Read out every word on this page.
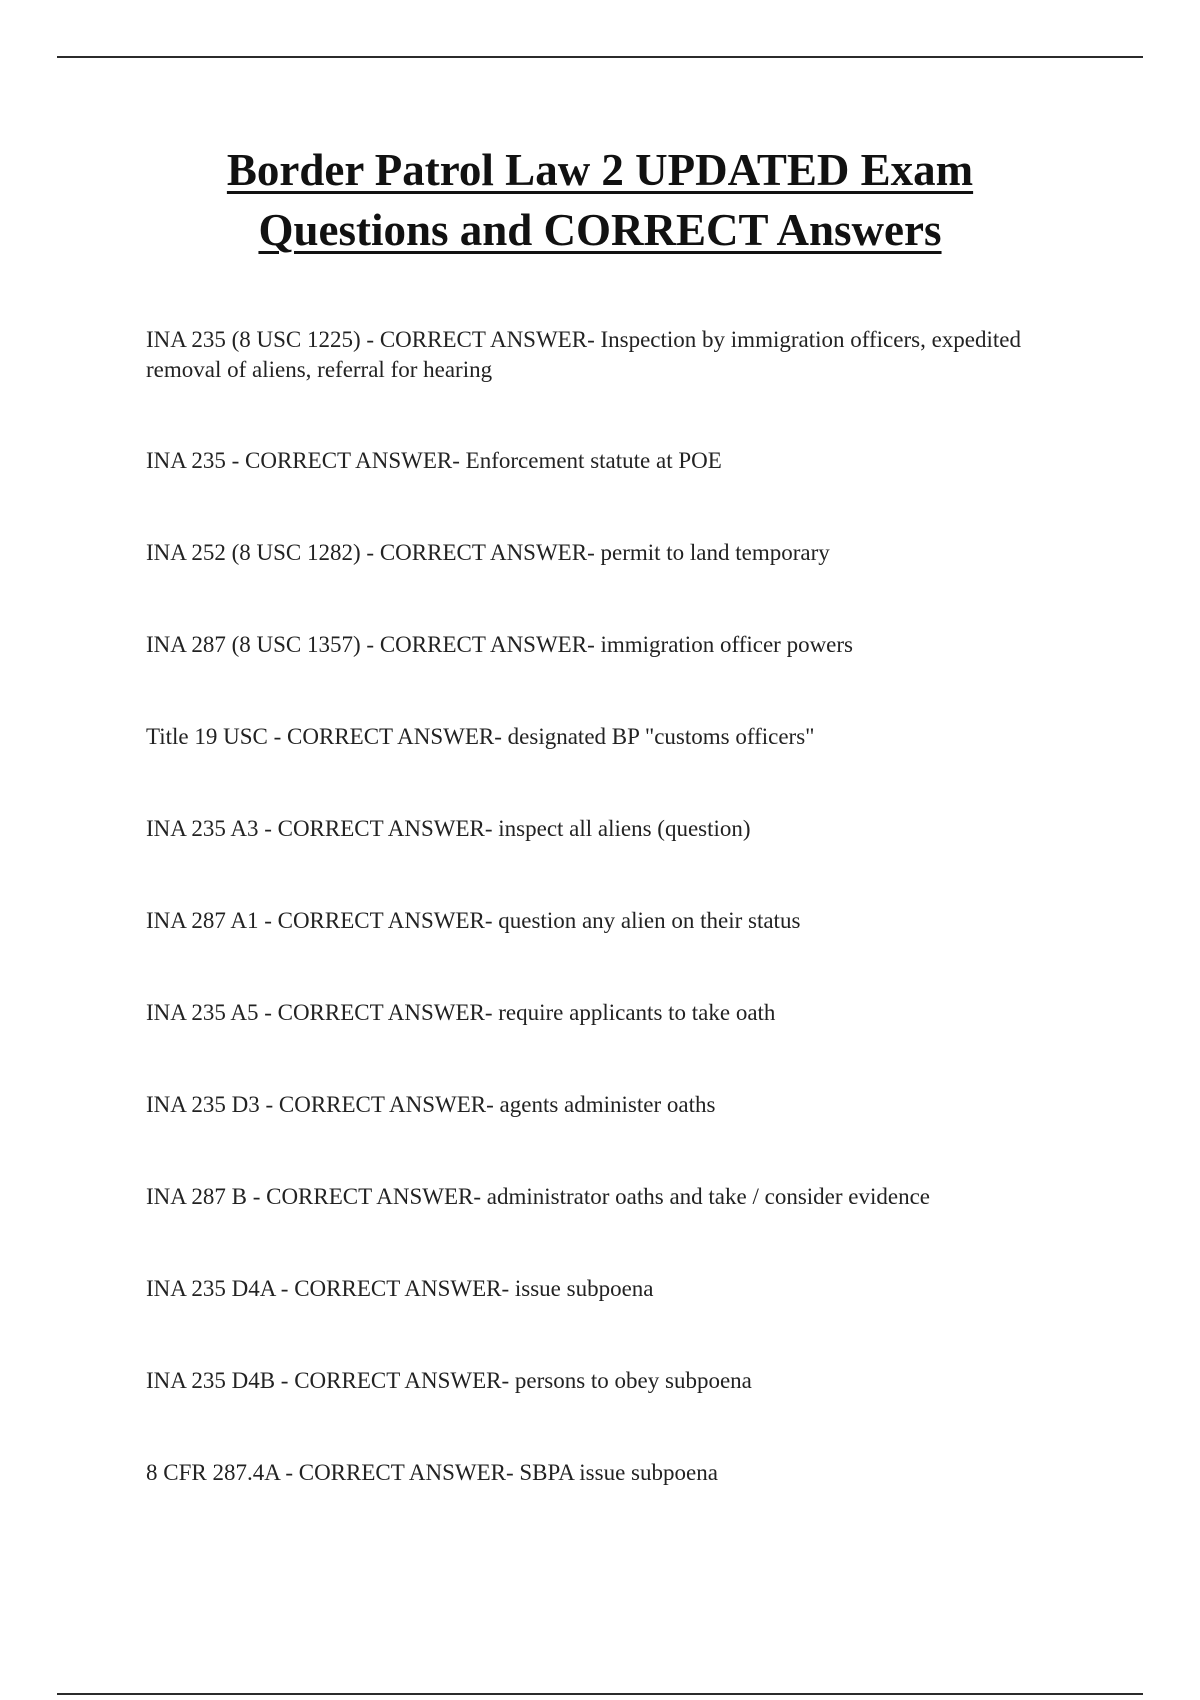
Border Patrol Law 2 UPDATED Exam
Questions and CORRECT Answers
INA 235 (8 USC 1225) - CORRECT ANSWER- Inspection by immigration officers, expedited removal of aliens, referral for hearing
INA 235 - CORRECT ANSWER- Enforcement statute at POE
INA 252 (8 USC 1282) - CORRECT ANSWER- permit to land temporary
INA 287 (8 USC 1357) - CORRECT ANSWER- immigration officer powers
Title 19 USC - CORRECT ANSWER- designated BP "customs officers"
INA 235 A3 - CORRECT ANSWER- inspect all aliens (question)
INA 287 A1 - CORRECT ANSWER- question any alien on their status
INA 235 A5 - CORRECT ANSWER- require applicants to take oath
INA 235 D3 - CORRECT ANSWER- agents administer oaths
INA 287 B - CORRECT ANSWER- administrator oaths and take / consider evidence
INA 235 D4A - CORRECT ANSWER- issue subpoena
INA 235 D4B - CORRECT ANSWER- persons to obey subpoena
8 CFR 287.4A - CORRECT ANSWER- SBPA issue subpoena
